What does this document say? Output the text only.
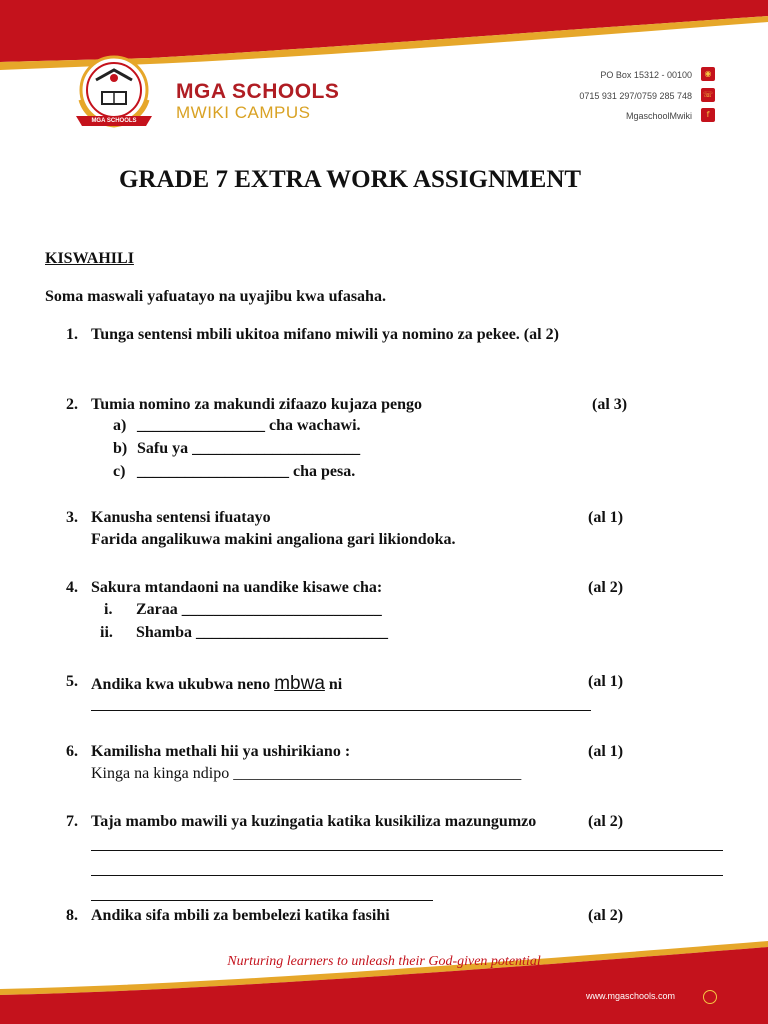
MGA SCHOOLS
MGA SCHOOLS
MWIKI CAMPUS
PO Box 15312 - 00100	◉
0715 931 297/0759 285 748 ☏
MgaschoolMwiki	f
GRADE 7 EXTRA WORK ASSIGNMENT
KISWAHILI
Soma maswali yafuatayo na uyajibu kwa ufasaha.
1. Tunga sentensi mbili ukitoa mifano miwili ya nomino za pekee. (al 2)
2. Tumia nomino za makundi zifaazo kujaza pengo	(al 3)
a) ________________ cha wachawi.
b) Safu ya _____________________
c) ___________________ cha pesa.
3. Kanusha sentensi ifuatayo	(al 1)
Farida angalikuwa makini angaliona gari likiondoka.
4. Sakura mtandaoni na uandike kisawe cha:	(al 2)
i. Zaraa _________________________
ii. Shamba ________________________
5. Andika kwa ukubwa neno mbwa ni	(al 1)
6. Kamilisha methali hii ya ushirikiano :	(al 1)
Kinga na kinga ndipo ____________________________________
7. Taja mambo mawili ya kuzingatia katika kusikiliza mazungumzo	(al 2)
8. Andika sifa mbili za bembelezi katika fasihi	(al 2)
Nurturing learners to unleash their God-given potential
www.mgaschools.com
